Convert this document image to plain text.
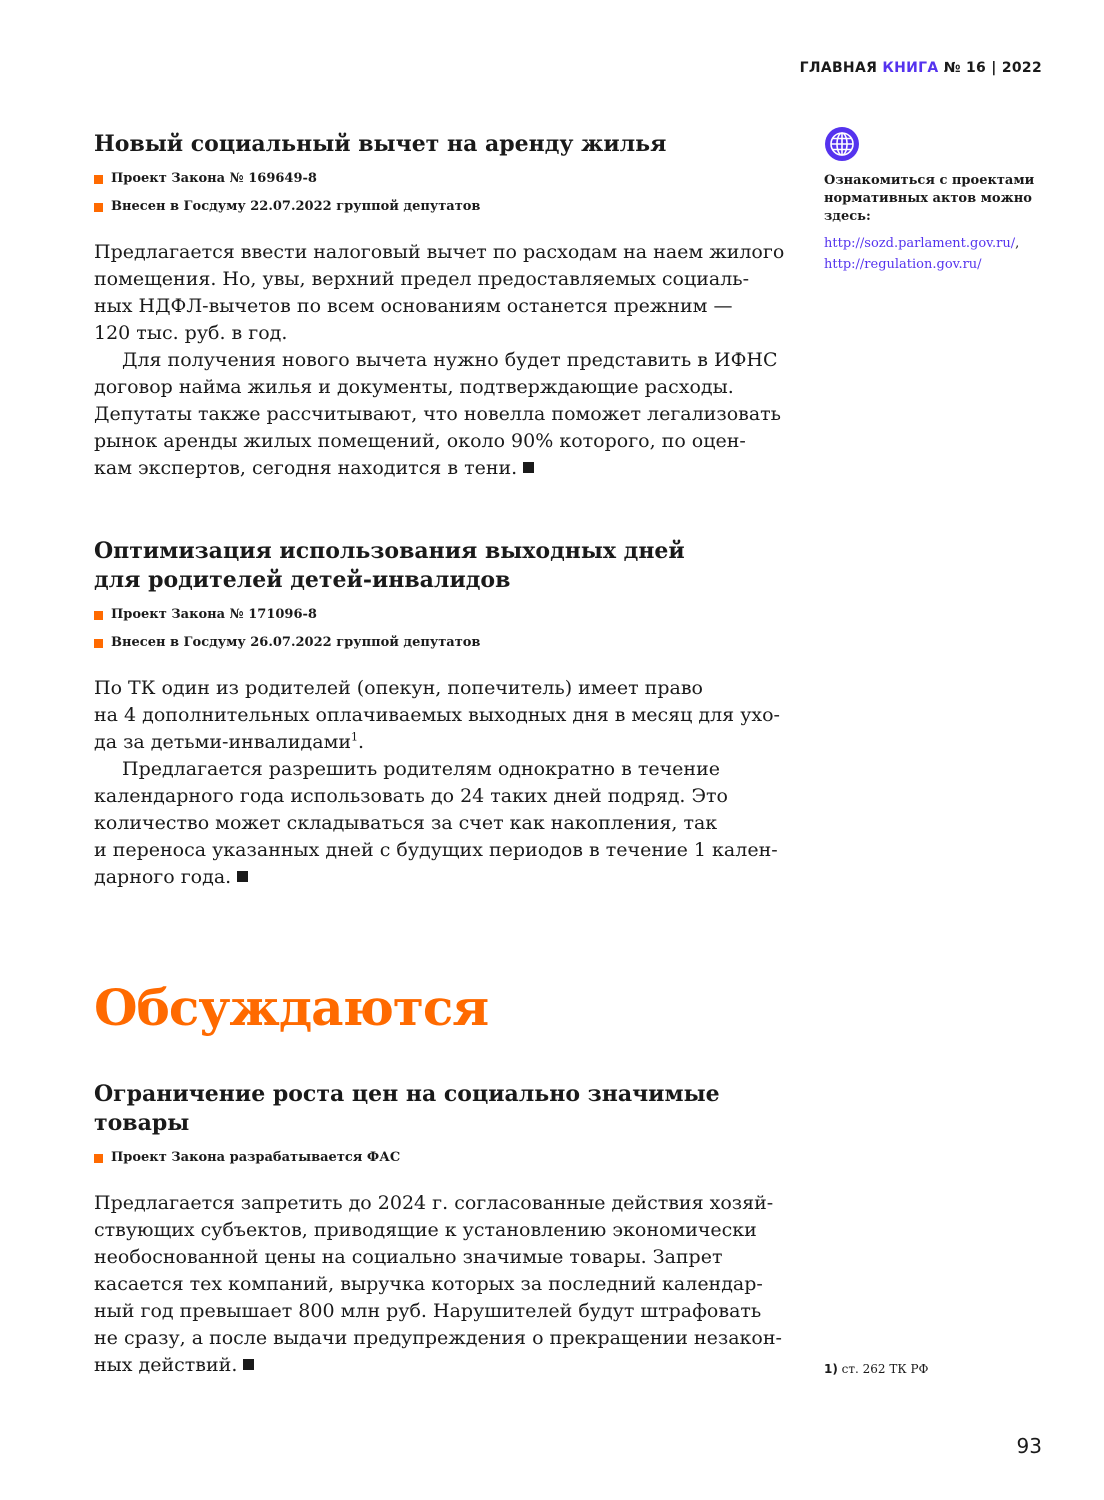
ГЛАВНАЯ КНИГА № 16 | 2022
Новый социальный вычет на аренду жилья

Проект Закона № 169649-8

Внесен в Госдуму 22.07.2022 группой депутатов

Предлагается ввести налоговый вычет по расходам на наем жилого
помещения. Но, увы, верхний предел предоставляемых социаль-
ных НДФЛ-вычетов по всем основаниям останется прежним —
120 тыс. руб. в год.

Для получения нового вычета нужно будет представить в ИФНС
договор найма жилья и документы, подтверждающие расходы.
Депутаты также рассчитывают, что новелла поможет легализовать
рынок аренды жилых помещений, около 90% которого, по оцен-
кам экспертов, сегодня находится в тени.

Оптимизация использования выходных дней
для родителей детей-инвалидов

Проект Закона № 171096-8

Внесен в Госдуму 26.07.2022 группой депутатов

По ТК один из родителей (опекун, попечитель) имеет право
на 4 дополнительных оплачиваемых выходных дня в месяц для ухо-
да за детьми-инвалидами$^1$.

Предлагается разрешить родителям однократно в течение
календарного года использовать до 24 таких дней подряд. Это
количество может складываться за счет как накопления, так
и переноса указанных дней с будущих периодов в течение 1 кален-
дарного года.

Ограничение роста цен на социально значимые
товары

Проект Закона разрабатывается ФАС

Предлагается запретить до 2024 г. согласованные действия хозяй-
ствующих субъектов, приводящие к установлению экономически
необоснованной цены на социально значимые товары. Запрет
касается тех компаний, выручка которых за последний календар-
ный год превышает 800 млн руб. Нарушителей будут штрафовать
не сразу, а после выдачи предупреждения о прекращении незакон-
ных действий.

Обсуждаются

Ознакомиться с проектами
нормативных актов можно
здесь:

http://sozd.parlament.gov.ru/,
http://regulation.gov.ru/
1) ст. 262 ТК РФ
93
